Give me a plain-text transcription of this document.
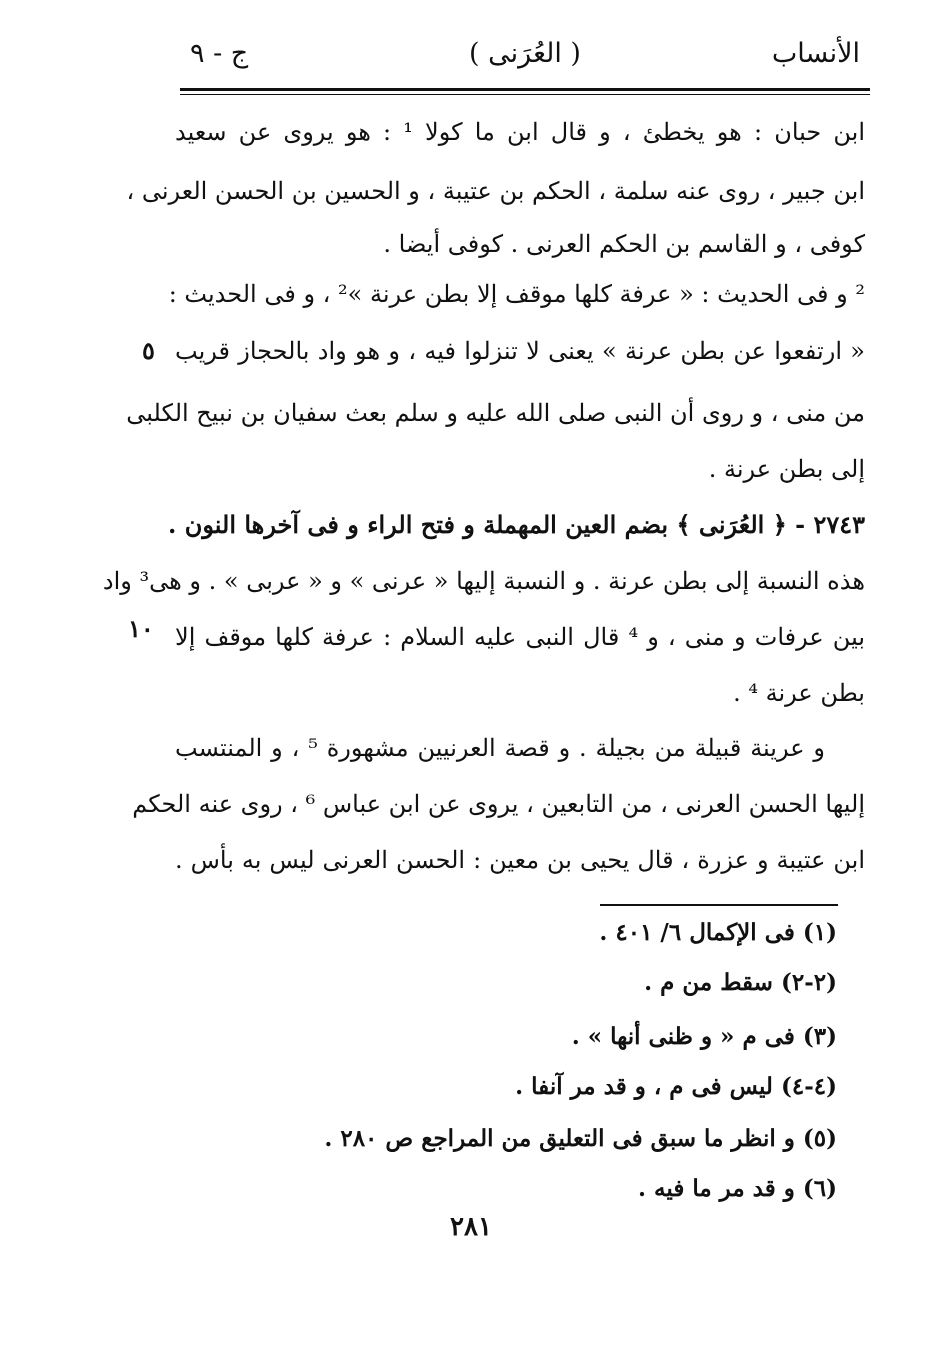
الأنساب
( العُرَنى )
ج - ٩
ابن حبان : هو يخطئ ، و قال ابن ما كولا ¹ : هو يروى عن سعيد
ابن جبير ، روى عنه سلمة ، الحكم بن عتيبة ، و الحسين بن الحسن العرنى ،
كوفى ، و القاسم بن الحكم العرنى . كوفى أيضا .
² و فى الحديث : « عرفة كلها موقف إلا بطن عرنة »² ، و فى الحديث :
« ارتفعوا عن بطن عرنة » يعنى لا تنزلوا فيه ، و هو واد بالحجاز قريب
من منى ، و روى أن النبى صلى الله عليه و سلم بعث سفيان بن نبيح الكلبى
إلى بطن عرنة .
٢٧٤٣ - ﴿ العُرَنى ﴾ بضم العين المهملة و فتح الراء و فى آخرها النون .
هذه النسبة إلى بطن عرنة . و النسبة إليها « عرنى » و « عربى » . و هى³ واد
بين عرفات و منى ، و ⁴ قال النبى عليه السلام : عرفة كلها موقف إلا
بطن عرنة ⁴ .
و عرينة قبيلة من بجيلة . و قصة العرنيين مشهورة ⁵ ، و المنتسب
إليها الحسن العرنى ، من التابعين ، يروى عن ابن عباس ⁶ ، روى عنه الحكم
ابن عتيبة و عزرة ، قال يحيى بن معين : الحسن العرنى ليس به بأس .
٥
١٠
(١) فى الإكمال ٦/ ٤٠١ .
(٢-٢) سقط من م .
(٣) فى م « و ظنى أنها » .
(٤-٤) ليس فى م ، و قد مر آنفا .
(٥) و انظر ما سبق فى التعليق من المراجع ص ٢٨٠ .
(٦) و قد مر ما فيه .
٢٨١
